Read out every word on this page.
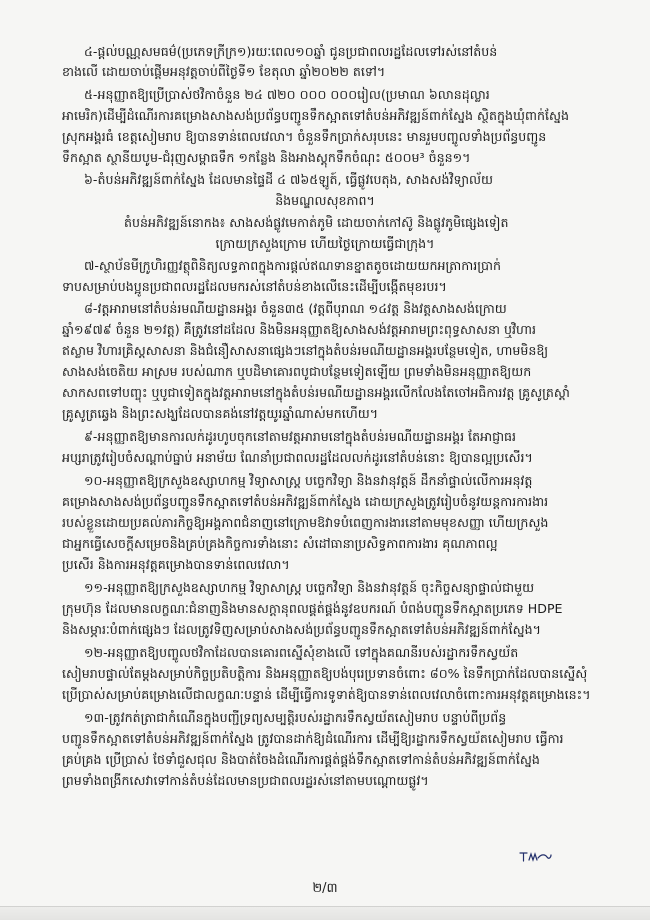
៤-ផ្ដល់បណ្ណសមធម៌(ប្រភេទក្រីក្រ១)រយៈពេល១០ឆ្នាំ ជូនប្រជាពលរដ្ឋដែលទៅរស់នៅតំបន់
ខាងលើ ដោយចាប់ផ្ដើមអនុវត្តចាប់ពីថ្ងៃទី១ ខែតុលា ឆ្នាំ២០២២ តទៅ។
៥-អនុញ្ញាតឱ្យប្រើប្រាស់ថវិកាចំនួន ២៤ ៧២០ ០០០ ០០០រៀល(ប្រមាណ ៦លានដុល្លារ
អាមេរិក)ដើម្បីដំណើរការគម្រោងសាងសង់ប្រព័ន្ធបញ្ជូនទឹកស្អាតទៅតំបន់អភិវឌ្ឍន៍ពាក់ស្នែង ស្ថិតក្នុងឃុំពាក់ស្នែង
ស្រុកអង្គរធំ ខេត្តសៀមរាប ឱ្យបានទាន់ពេលវេលា។ ចំនួនទឹកប្រាក់សរុបនេះ មានរួមបញ្ចូលទាំងប្រព័ន្ធបញ្ជូន
ទឹកស្អាត ស្ថានីយបូម-ជំរុញសម្ពាធទឹក ១កន្លែង និងអាងស្ដុកទឹកចំណុះ ៥០០ម³ ចំនួន១។
៦-តំបន់អភិវឌ្ឍន៍ពាក់ស្នែង ដែលមានផ្ទៃដី ៤ ៧៦៥ឡូត៍, ធ្វើផ្លូវបេតុង, សាងសង់វិទ្យាល័យ
និងមណ្ឌលសុខភាព។
តំបន់អភិវឌ្ឍន៍នោកង៖ សាងសង់ផ្លូវមេកាត់ភូមិ ដោយចាក់កៅស៊ូ និងផ្លូវភូមិផ្សេងទៀត
ក្រោយក្រសួងក្រោម ហើយថ្ងៃក្រោយធ្វើជាក្រុង។
៧-ស្ថាប័នមីក្រូហិរញ្ញវត្ថុពិនិត្យលទ្ធភាពក្នុងការផ្ដល់ឥណទានខ្នាតតូចដោយយកអត្រាការប្រាក់
ទាបសម្រាប់បងប្អូនប្រជាពលរដ្ឋដែលមករស់នៅតំបន់ខាងលើនេះដើម្បីបង្កើតមុខរបរ។
៨-វត្តអារាមនៅតំបន់រមណីយដ្ឋានអង្គរ ចំនួន៣៥ (វត្តពីបុរាណ ១៤វត្ត និងវត្តសាងសង់ក្រោយ
ឆ្នាំ១៩៧៩ ចំនួន ២១វត្ត) គឺត្រូវនៅដដែល និងមិនអនុញ្ញាតឱ្យសាងសង់វត្តអារាមព្រះពុទ្ធសាសនា ឬវិហារ
ឥស្លាម វិហារគ្រិស្តសាសនា និងជំនឿសាសនាផ្សេងៗនៅក្នុងតំបន់រមណីយដ្ឋានអង្គរបន្ថែមទៀត, ហាមមិនឱ្យ
សាងសង់ចេតិយ អាស្រម របស់ណាក ឬបដិមាគោរពបូជាបន្ថែមទៀតឡើយ ព្រមទាំងមិនអនុញ្ញាតឱ្យយក
សាកសពទៅបញ្ចុះ ឬបូជាទៀតក្នុងវត្តអារាមនៅក្នុងតំបន់រមណីយដ្ឋានអង្គរលើកលែងតែចៅអធិការវត្ត គ្រូសូត្រស្ដាំ
គ្រូសូត្រឆ្វេង និងព្រះសង្ឃដែលបានគង់នៅវត្តយូរឆ្នាំណាស់មកហើយ។
៩-អនុញ្ញាតឱ្យមានការលក់ដូរហូបចុកនៅតាមវត្តអារាមនៅក្នុងតំបន់រមណីយដ្ឋានអង្គរ តែអាជ្ញាធរ
អប្សរាត្រូវរៀបចំសណ្ដាប់ធ្នាប់ អនាម័យ ណែនាំប្រជាពលរដ្ឋដែលលក់ដូរនៅតំបន់នោះ ឱ្យបានល្អប្រសើរ។
១០-អនុញ្ញាតឱ្យក្រសួងឧស្សាហកម្ម វិទ្យាសាស្ត្រ បច្ចេកវិទ្យា និងនវានុវត្តន៍ ដឹកនាំផ្ទាល់លើការអនុវត្ត
គម្រោងសាងសង់ប្រព័ន្ធបញ្ជូនទឹកស្អាតទៅតំបន់អភិវឌ្ឍន៍ពាក់ស្នែង ដោយក្រសួងត្រូវរៀបចំនូវយន្តការការងារ
របស់ខ្លួនដោយប្រគល់ភារកិច្ចឱ្យអង្គភាពជំនាញនៅក្រោមឱវាទបំពេញការងារនៅតាមមុខសញ្ញា ហើយក្រសួង
ជាអ្នកធ្វើសេចក្ដីសម្រេចនិងគ្រប់គ្រងកិច្ចការទាំងនោះ សំដៅធានាប្រសិទ្ធភាពការងារ គុណភាពល្អ
ប្រសើរ និងការអនុវត្តគម្រោងបានទាន់ពេលវេលា។
១១-អនុញ្ញាតឱ្យក្រសួងឧស្សាហកម្ម វិទ្យាសាស្ត្រ បច្ចេកវិទ្យា និងនវានុវត្តន៍ ចុះកិច្ចសន្យាផ្ទាល់ជាមួយ
ក្រុមហ៊ុន ដែលមានលក្ខណៈជំនាញនិងមានសក្ដានុពលផ្គត់ផ្គង់នូវឧបករណ៍ បំពង់បញ្ជូនទឹកស្អាតប្រភេទ HDPE
និងសម្ភារៈបំពាក់ផ្សេងៗ ដែលត្រូវទិញសម្រាប់សាងសង់ប្រព័ន្ធបញ្ជូនទឹកស្អាតទៅតំបន់អភិវឌ្ឍន៍ពាក់ស្នែង។
១២-អនុញ្ញាតឱ្យបញ្ចូលថវិកាដែលបានគោរពស្នើសុំខាងលើ ទៅក្នុងគណនីរបស់រដ្ឋាករទឹកស្វយ័ត
សៀមរាបផ្ទាល់តែម្ដងសម្រាប់កិច្ចប្រតិបត្តិការ និងអនុញ្ញាតឱ្យបង់បុរេប្រទានចំពោះ ៨០% នៃទឹកប្រាក់ដែលបានស្នើសុំ
ប្រើប្រាស់សម្រាប់គម្រោងលើជាលក្ខណៈបន្ទាន់ ដើម្បីធ្វើការទូទាត់ឱ្យបានទាន់ពេលវេលាចំពោះការអនុវត្តគម្រោងនេះ។
១៣-ត្រូវកត់ត្រាជាកំណើនក្នុងបញ្ជីទ្រព្យសម្បត្តិរបស់រដ្ឋាករទឹកស្វយ័តសៀមរាប បន្ទាប់ពីប្រព័ន្ធ
បញ្ជូនទឹកស្អាតទៅតំបន់អភិវឌ្ឍន៍ពាក់ស្នែង ត្រូវបានដាក់ឱ្យដំណើរការ ដើម្បីឱ្យរដ្ឋាករទឹកស្វយ័តសៀមរាប ធ្វើការ
គ្រប់គ្រង ប្រើប្រាស់ ថែទាំជួសជុល និងបាត់ចែងដំណើរការផ្គត់ផ្គង់ទឹកស្អាតទៅកាន់តំបន់អភិវឌ្ឍន៍ពាក់ស្នែង
ព្រមទាំងពង្រីកសេវាទៅកាន់តំបន់ដែលមានប្រជាពលរដ្ឋរស់នៅតាមបណ្ដោយផ្លូវ។
២/៣
